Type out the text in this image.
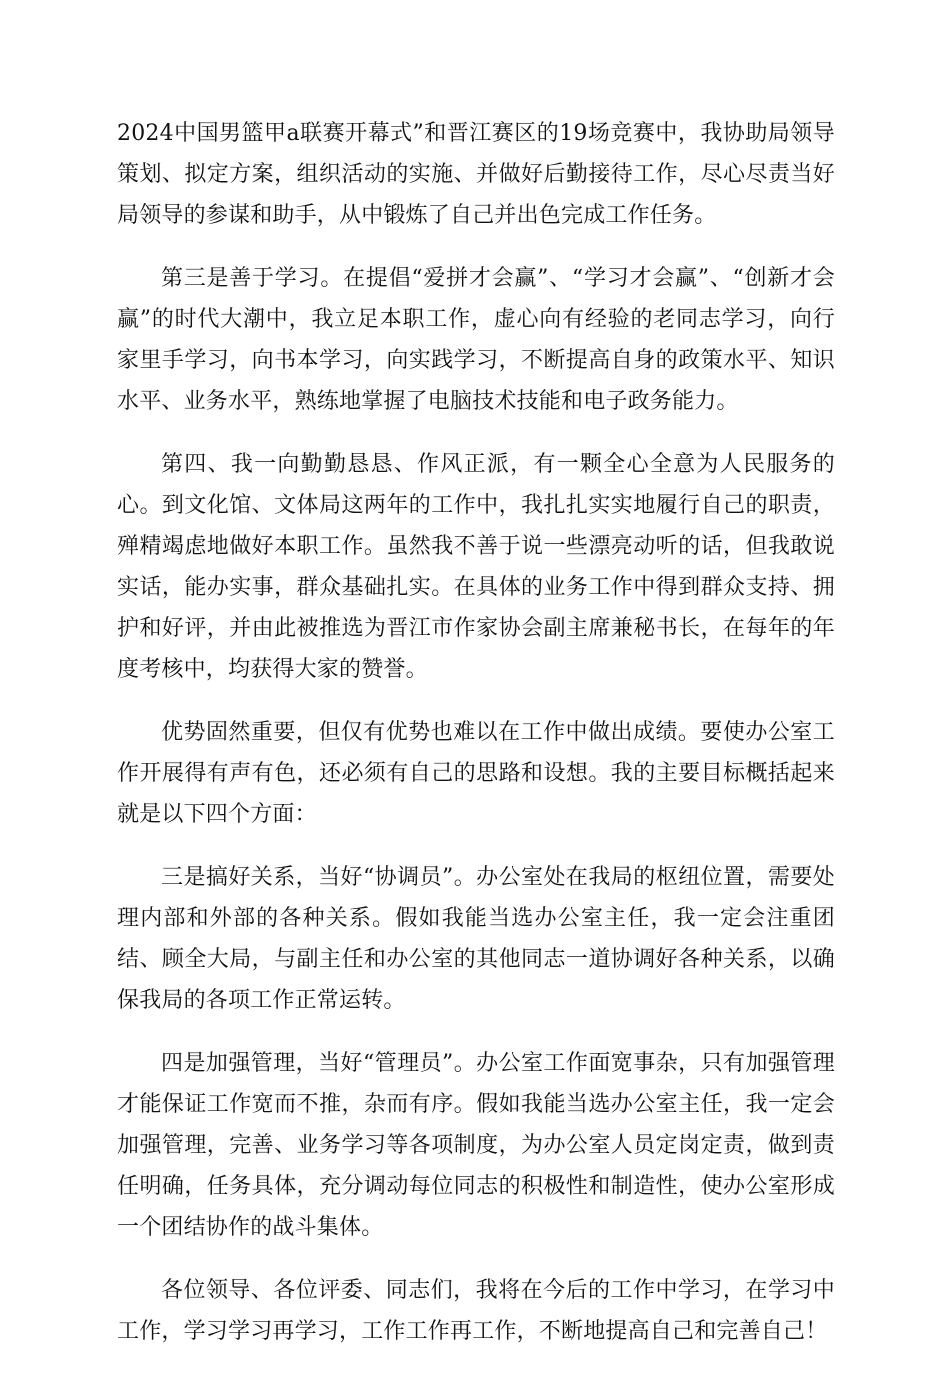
2024中国男篮甲a联赛开幕式”和晋江赛区的19场竞赛中，我协助局领导策划、拟定方案，组织活动的实施、并做好后勤接待工作，尽心尽责当好局领导的参谋和助手，从中锻炼了自己并出色完成工作任务。

第三是善于学习。在提倡“爱拼才会赢”、“学习才会赢”、“创新才会赢”的时代大潮中，我立足本职工作，虚心向有经验的老同志学习，向行家里手学习，向书本学习，向实践学习，不断提高自身的政策水平、知识水平、业务水平，熟练地掌握了电脑技术技能和电子政务能力。

第四、我一向勤勤恳恳、作风正派，有一颗全心全意为人民服务的心。到文化馆、文体局这两年的工作中，我扎扎实实地履行自己的职责，殚精竭虑地做好本职工作。虽然我不善于说一些漂亮动听的话，但我敢说实话，能办实事，群众基础扎实。在具体的业务工作中得到群众支持、拥护和好评，并由此被推选为晋江市作家协会副主席兼秘书长，在每年的年度考核中，均获得大家的赞誉。

优势固然重要，但仅有优势也难以在工作中做出成绩。要使办公室工作开展得有声有色，还必须有自己的思路和设想。我的主要目标概括起来就是以下四个方面：

三是搞好关系，当好“协调员”。办公室处在我局的枢纽位置，需要处理内部和外部的各种关系。假如我能当选办公室主任，我一定会注重团结、顾全大局，与副主任和办公室的其他同志一道协调好各种关系，以确保我局的各项工作正常运转。

四是加强管理，当好“管理员”。办公室工作面宽事杂，只有加强管理才能保证工作宽而不推，杂而有序。假如我能当选办公室主任，我一定会加强管理，完善、业务学习等各项制度，为办公室人员定岗定责，做到责任明确，任务具体，充分调动每位同志的积极性和制造性，使办公室形成一个团结协作的战斗集体。

各位领导、各位评委、同志们，我将在今后的工作中学习，在学习中工作，学习学习再学习，工作工作再工作，不断地提高自己和完善自己！
